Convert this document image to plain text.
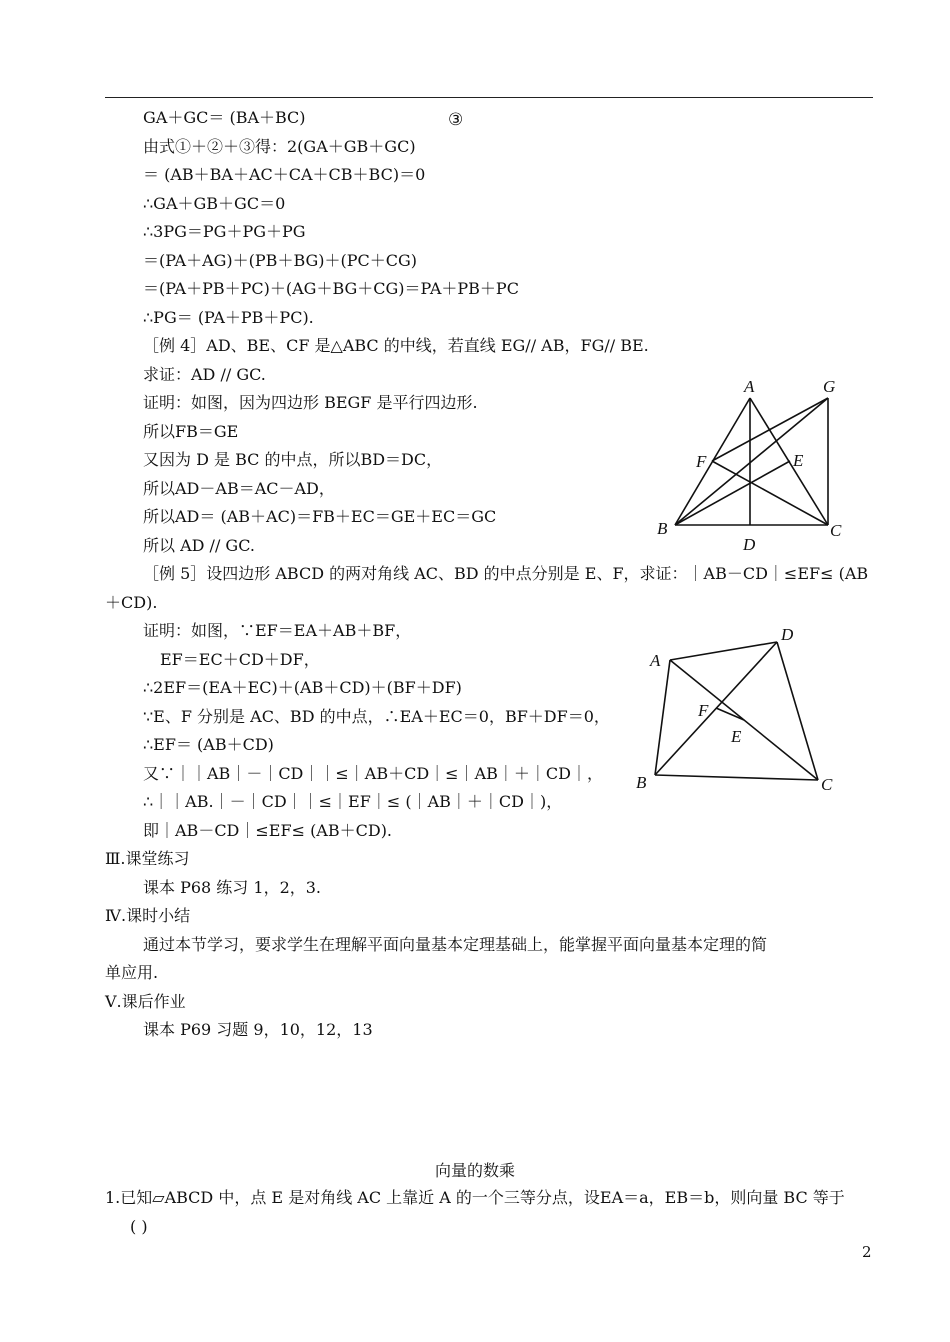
GA＋GC＝ (BA＋BC)	③
由式①＋②＋③得：2(GA＋GB＋GC)
＝ (AB＋BA＋AC＋CA＋CB＋BC)＝0
∴GA＋GB＋GC＝0
∴3PG＝PG＋PG＋PG
＝(PA＋AG)＋(PB＋BG)＋(PC＋CG)
＝(PA＋PB＋PC)＋(AG＋BG＋CG)＝PA＋PB＋PC
∴PG＝ (PA＋PB＋PC).
［例 4］AD、BE、CF 是△ABC 的中线，若直线 EG// AB，FG// BE.
求证：AD // GC.
证明：如图，因为四边形 BEGF 是平行四边形.
所以FB＝GE
又因为 D 是 BC 的中点，所以BD＝DC，
所以AD－AB＝AC－AD，
所以AD＝ (AB＋AC)＝FB＋EC＝GE＋EC＝GC
所以 AD // GC.
［例 5］设四边形 ABCD 的两对角线 AC、BD 的中点分别是 E、F，求证：｜AB－CD｜≤EF≤ (AB
＋CD).
证明：如图，∵EF＝EA＋AB＋BF，
EF＝EC＋CD＋DF，
∴2EF＝(EA＋EC)＋(AB＋CD)＋(BF＋DF)
∵E、F 分别是 AC、BD 的中点，∴EA＋EC＝0，BF＋DF＝0，
∴EF＝ (AB＋CD)
又∵｜｜AB｜－｜CD｜｜≤｜AB＋CD｜≤｜AB｜＋｜CD｜，
∴｜｜AB.｜－｜CD｜｜≤｜EF｜≤ (｜AB｜＋｜CD｜)，
即｜AB－CD｜≤EF≤ (AB＋CD).
Ⅲ.课堂练习
课本 P68 练习 1，2，3.
Ⅳ.课时小结
通过本节学习，要求学生在理解平面向量基本定理基础上，能掌握平面向量基本定理的简
单应用.
Ⅴ.课后作业
课本 P69 习题 9，10，12，13
向量的数乘
1.已知▱ABCD 中，点 E 是对角线 AC 上靠近 A 的一个三等分点，设EA＝a，EB＝b，则向量 BC 等于
( )
A	G
F	E
B	C
D
A
D
F
E
B	C
2
